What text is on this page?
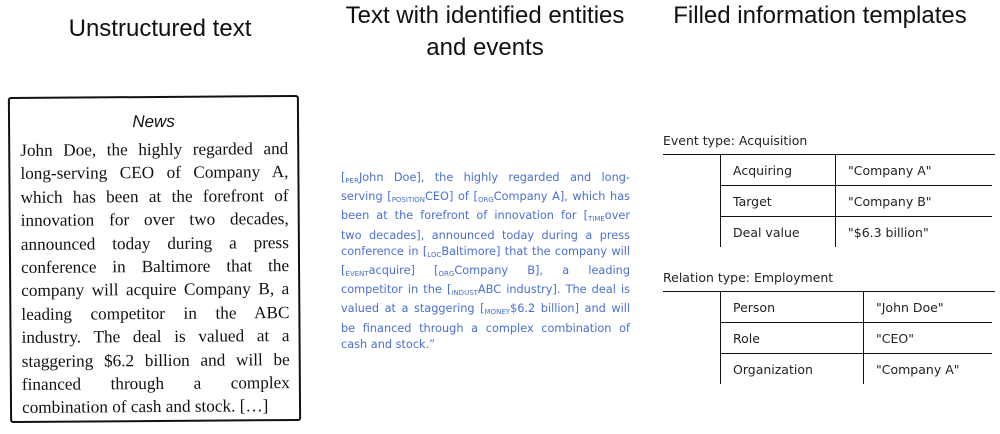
Unstructured text	Text with identified entities and events
Filled information templates
News
John Doe, the highly regarded and long-serving CEO of Company A, which has been at the forefront of innovation for over two decades, announced today during a press conference in Baltimore that the company will acquire Company B, a leading competitor in the ABC industry. The deal is valued at a staggering $6.2 billion and will be financed through a complex combination of cash and stock. […]
[PERJohn Doe], the highly regarded and long-serving [POSITIONCEO] of [ORGCompany A], which has been at the forefront of innovation for [TIMEover two decades], announced today during a press conference in [LOCBaltimore] that the company will [EVENTacquire] [ORGCompany B], a leading competitor in the [INDUSTABC industry]. The deal is valued at a staggering [MONEY$6.2 billion] and will be financed through a complex combination of cash and stock.”
Event type: Acquisition
Acquiring	"Company A"
Target	"Company B"
Deal value	"$6.3 billion"
Relation type: Employment
Person	"John Doe"
Role	"CEO"
Organization	"Company A"
